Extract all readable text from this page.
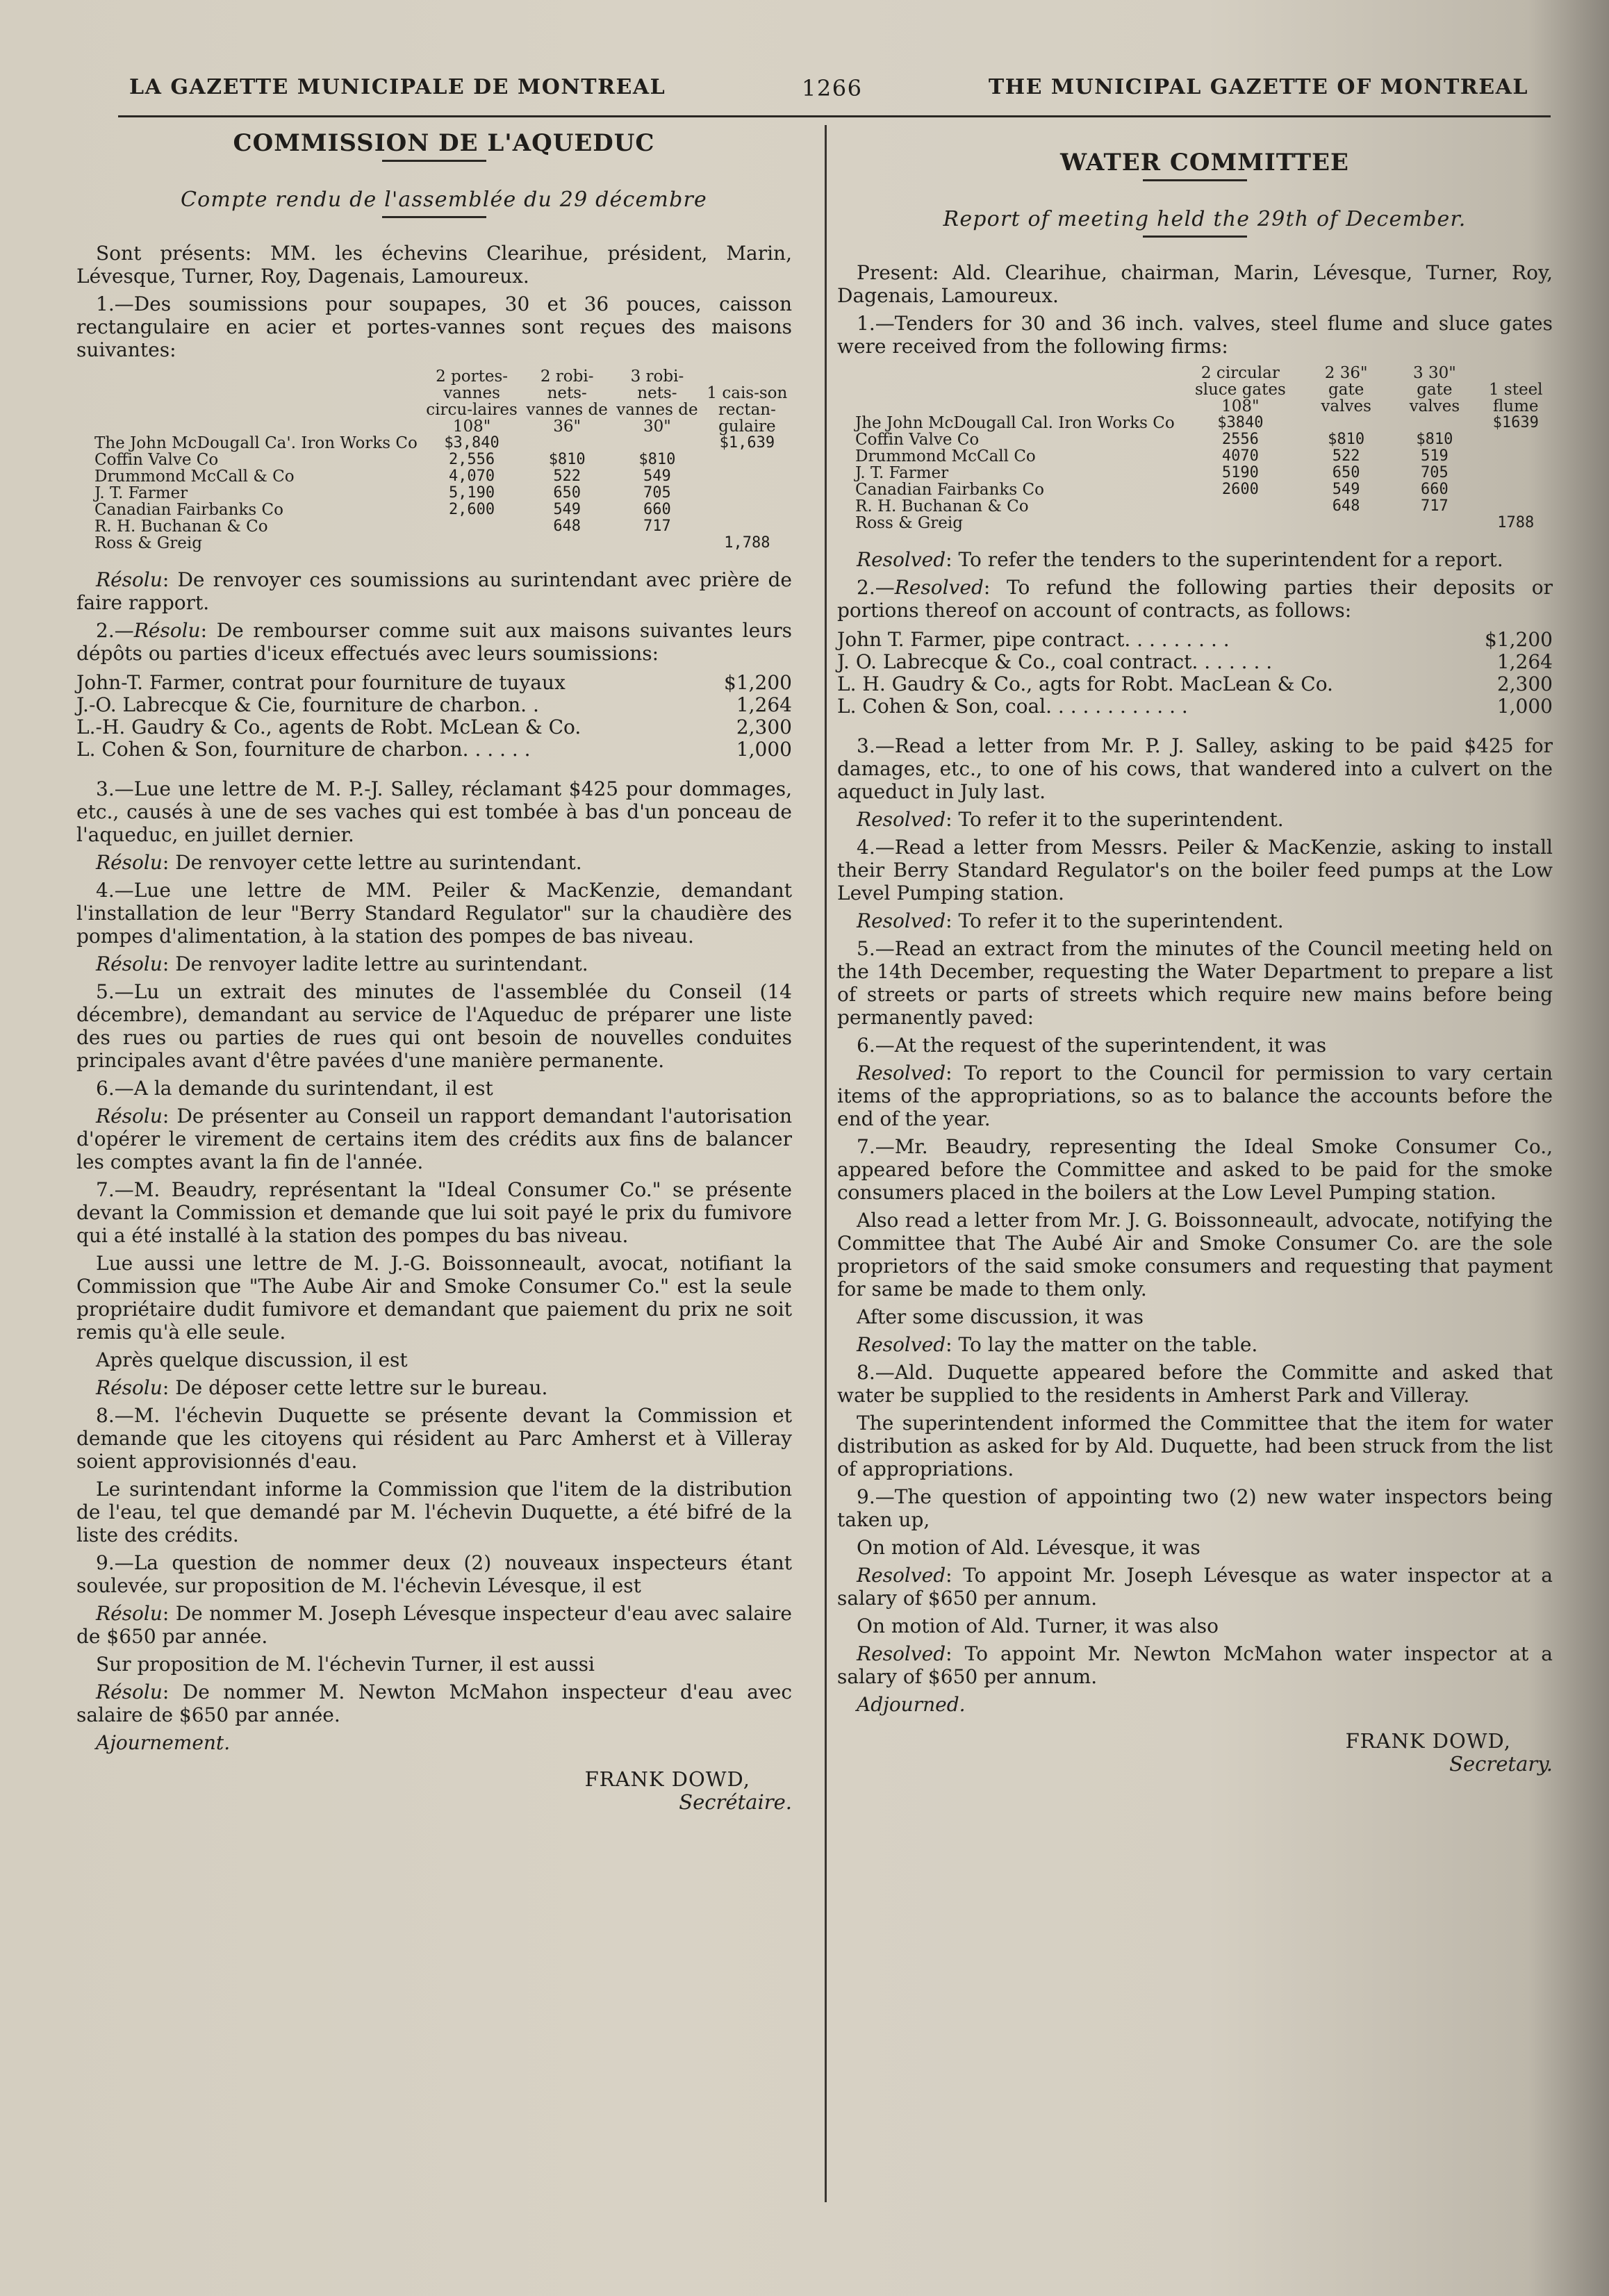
LA GAZETTE MUNICIPALE DE MONTREAL	1266	THE MUNICIPAL GAZETTE OF MONTREAL

COMMISSION DE L'AQUEDUC

Compte rendu de l'assemblée du 29 décembre

Sont présents: MM. les échevins Clearihue, président, Marin, Lévesque, Turner, Roy, Dagenais, Lamoureux.

1.—Des soumissions pour soupapes, 30 et 36 pouces, caisson rectangulaire en acier et portes-vannes sont reçues des maisons suivantes:

	2 portes-vannes circu-laires 108"	2 robi-nets-vannes de 36"	3 robi-nets-vannes de 30"	1 cais-son rectan-gulaire
The John McDougall Ca'. Iron Works Co	$3,840			$1,639
Coffin Valve Co	2,556	$810	$810	
Drummond McCall & Co	4,070	522	549	
J. T. Farmer	5,190	650	705	
Canadian Fairbanks Co	2,600	549	660	
R. H. Buchanan & Co		648	717	
Ross & Greig				1,788

Résolu: De renvoyer ces soumissions au surintendant avec prière de faire rapport.

2.—Résolu: De rembourser comme suit aux maisons suivantes leurs dépôts ou parties d'iceux effectués avec leurs soumissions:

John-T. Farmer, contrat pour fourniture de tuyaux	$1,200
J.-O. Labrecque & Cie, fourniture de charbon. .	1,264
L.-H. Gaudry & Co., agents de Robt. McLean & Co.	2,300
L. Cohen & Son, fourniture de charbon. . . . . .	1,000

3.—Lue une lettre de M. P.-J. Salley, réclamant $425 pour dommages, etc., causés à une de ses vaches qui est tombée à bas d'un ponceau de l'aqueduc, en juillet dernier.

Résolu: De renvoyer cette lettre au surintendant.

4.—Lue une lettre de MM. Peiler & MacKenzie, demandant l'installation de leur "Berry Standard Regulator" sur la chaudière des pompes d'alimentation, à la station des pompes de bas niveau.

Résolu: De renvoyer ladite lettre au surintendant.

5.—Lu un extrait des minutes de l'assemblée du Conseil (14 décembre), demandant au service de l'Aqueduc de préparer une liste des rues ou parties de rues qui ont besoin de nouvelles conduites principales avant d'être pavées d'une manière permanente.

6.—A la demande du surintendant, il est

Résolu: De présenter au Conseil un rapport demandant l'autorisation d'opérer le virement de certains item des crédits aux fins de balancer les comptes avant la fin de l'année.

7.—M. Beaudry, représentant la "Ideal Consumer Co." se présente devant la Commission et demande que lui soit payé le prix du fumivore qui a été installé à la station des pompes du bas niveau.

Lue aussi une lettre de M. J.-G. Boissonneault, avocat, notifiant la Commission que "The Aube Air and Smoke Consumer Co." est la seule propriétaire dudit fumivore et demandant que paiement du prix ne soit remis qu'à elle seule.

Après quelque discussion, il est

Résolu: De déposer cette lettre sur le bureau.

8.—M. l'échevin Duquette se présente devant la Commission et demande que les citoyens qui résident au Parc Amherst et à Villeray soient approvisionnés d'eau.

Le surintendant informe la Commission que l'item de la distribution de l'eau, tel que demandé par M. l'échevin Duquette, a été bifré de la liste des crédits.

9.—La question de nommer deux (2) nouveaux inspecteurs étant soulevée, sur proposition de M. l'échevin Lévesque, il est

Résolu: De nommer M. Joseph Lévesque inspecteur d'eau avec salaire de $650 par année.

Sur proposition de M. l'échevin Turner, il est aussi

Résolu: De nommer M. Newton McMahon inspecteur d'eau avec salaire de $650 par année.

Ajournement.

FRANK DOWD,
Secrétaire.

WATER COMMITTEE

Report of meeting held the 29th of December.

Present: Ald. Clearihue, chairman, Marin, Lévesque, Turner, Roy, Dagenais, Lamoureux.

1.—Tenders for 30 and 36 inch. valves, steel flume and sluce gates were received from the following firms:

	2 circular sluce gates 108"	2 36" gate valves	3 30" gate valves	1 steel flume
Jhe John McDougall Cal. Iron Works Co	$3840			$1639
Coffin Valve Co	2556	$810	$810	
Drummond McCall Co	4070	522	519	
J. T. Farmer	5190	650	705	
Canadian Fairbanks Co	2600	549	660	
R. H. Buchanan & Co		648	717	
Ross & Greig				1788

Resolved: To refer the tenders to the superintendent for a report.

2.—Resolved: To refund the following parties their deposits or portions thereof on account of contracts, as follows:

John T. Farmer, pipe contract. . . . . . . . .	$1,200
J. O. Labrecque & Co., coal contract. . . . . . .	1,264
L. H. Gaudry & Co., agts for Robt. MacLean & Co.	2,300
L. Cohen & Son, coal. . . . . . . . . . . .	1,000

3.—Read a letter from Mr. P. J. Salley, asking to be paid $425 for damages, etc., to one of his cows, that wandered into a culvert on the aqueduct in July last.

Resolved: To refer it to the superintendent.

4.—Read a letter from Messrs. Peiler & MacKenzie, asking to install their Berry Standard Regulator's on the boiler feed pumps at the Low Level Pumping station.

Resolved: To refer it to the superintendent.

5.—Read an extract from the minutes of the Council meeting held on the 14th December, requesting the Water Department to prepare a list of streets or parts of streets which require new mains before being permanently paved:

6.—At the request of the superintendent, it was

Resolved: To report to the Council for permission to vary certain items of the appropriations, so as to balance the accounts before the end of the year.

7.—Mr. Beaudry, representing the Ideal Smoke Consumer Co., appeared before the Committee and asked to be paid for the smoke consumers placed in the boilers at the Low Level Pumping station.

Also read a letter from Mr. J. G. Boissonneault, advocate, notifying the Committee that The Aubé Air and Smoke Consumer Co. are the sole proprietors of the said smoke consumers and requesting that payment for same be made to them only.

After some discussion, it was

Resolved: To lay the matter on the table.

8.—Ald. Duquette appeared before the Committe and asked that water be supplied to the residents in Amherst Park and Villeray.

The superintendent informed the Committee that the item for water distribution as asked for by Ald. Duquette, had been struck from the list of appropriations.

9.—The question of appointing two (2) new water inspectors being taken up,

On motion of Ald. Lévesque, it was

Resolved: To appoint Mr. Joseph Lévesque as water inspector at a salary of $650 per annum.

On motion of Ald. Turner, it was also

Resolved: To appoint Mr. Newton McMahon water inspector at a salary of $650 per annum.

Adjourned.

FRANK DOWD,
Secretary.
